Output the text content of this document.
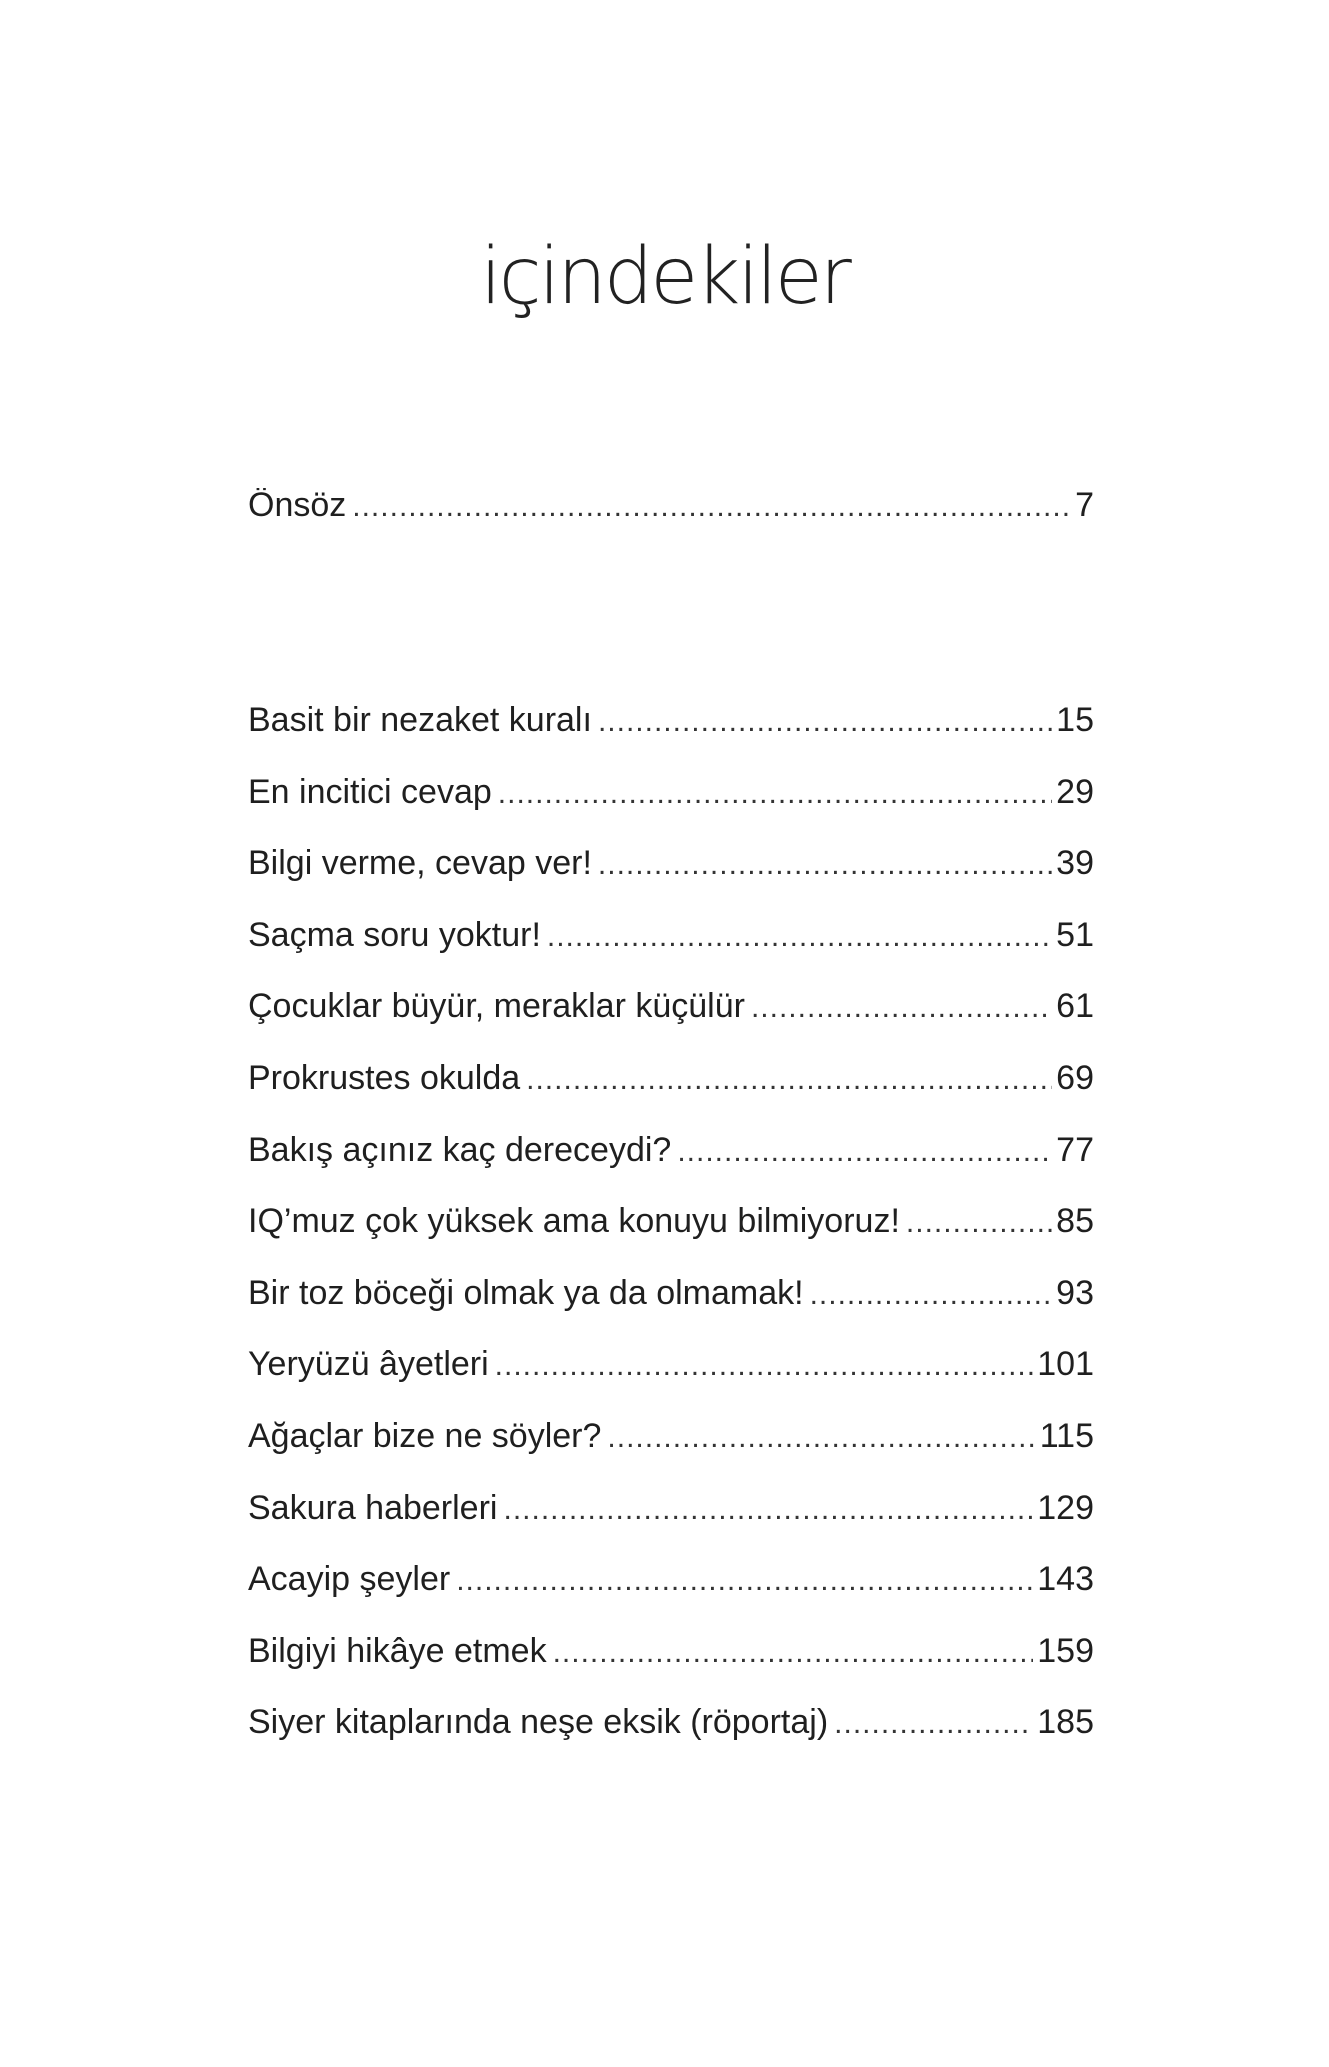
içindekiler
Önsöz .....	7
Basit bir nezaket kuralı .....	15
En incitici cevap .....	29
Bilgi verme, cevap ver! .....	39
Saçma soru yoktur! .....	51
Çocuklar büyür, meraklar küçülür .....	61
Prokrustes okulda .....	69
Bakış açınız kaç dereceydi? .....	77
IQ’muz çok yüksek ama konuyu bilmiyoruz! .....	85
Bir toz böceği olmak ya da olmamak! .....	93
Yeryüzü âyetleri .....	101
Ağaçlar bize ne söyler? .....	115
Sakura haberleri .....	129
Acayip şeyler .....	143
Bilgiyi hikâye etmek .....	159
Siyer kitaplarında neşe eksik (röportaj) .....	185
